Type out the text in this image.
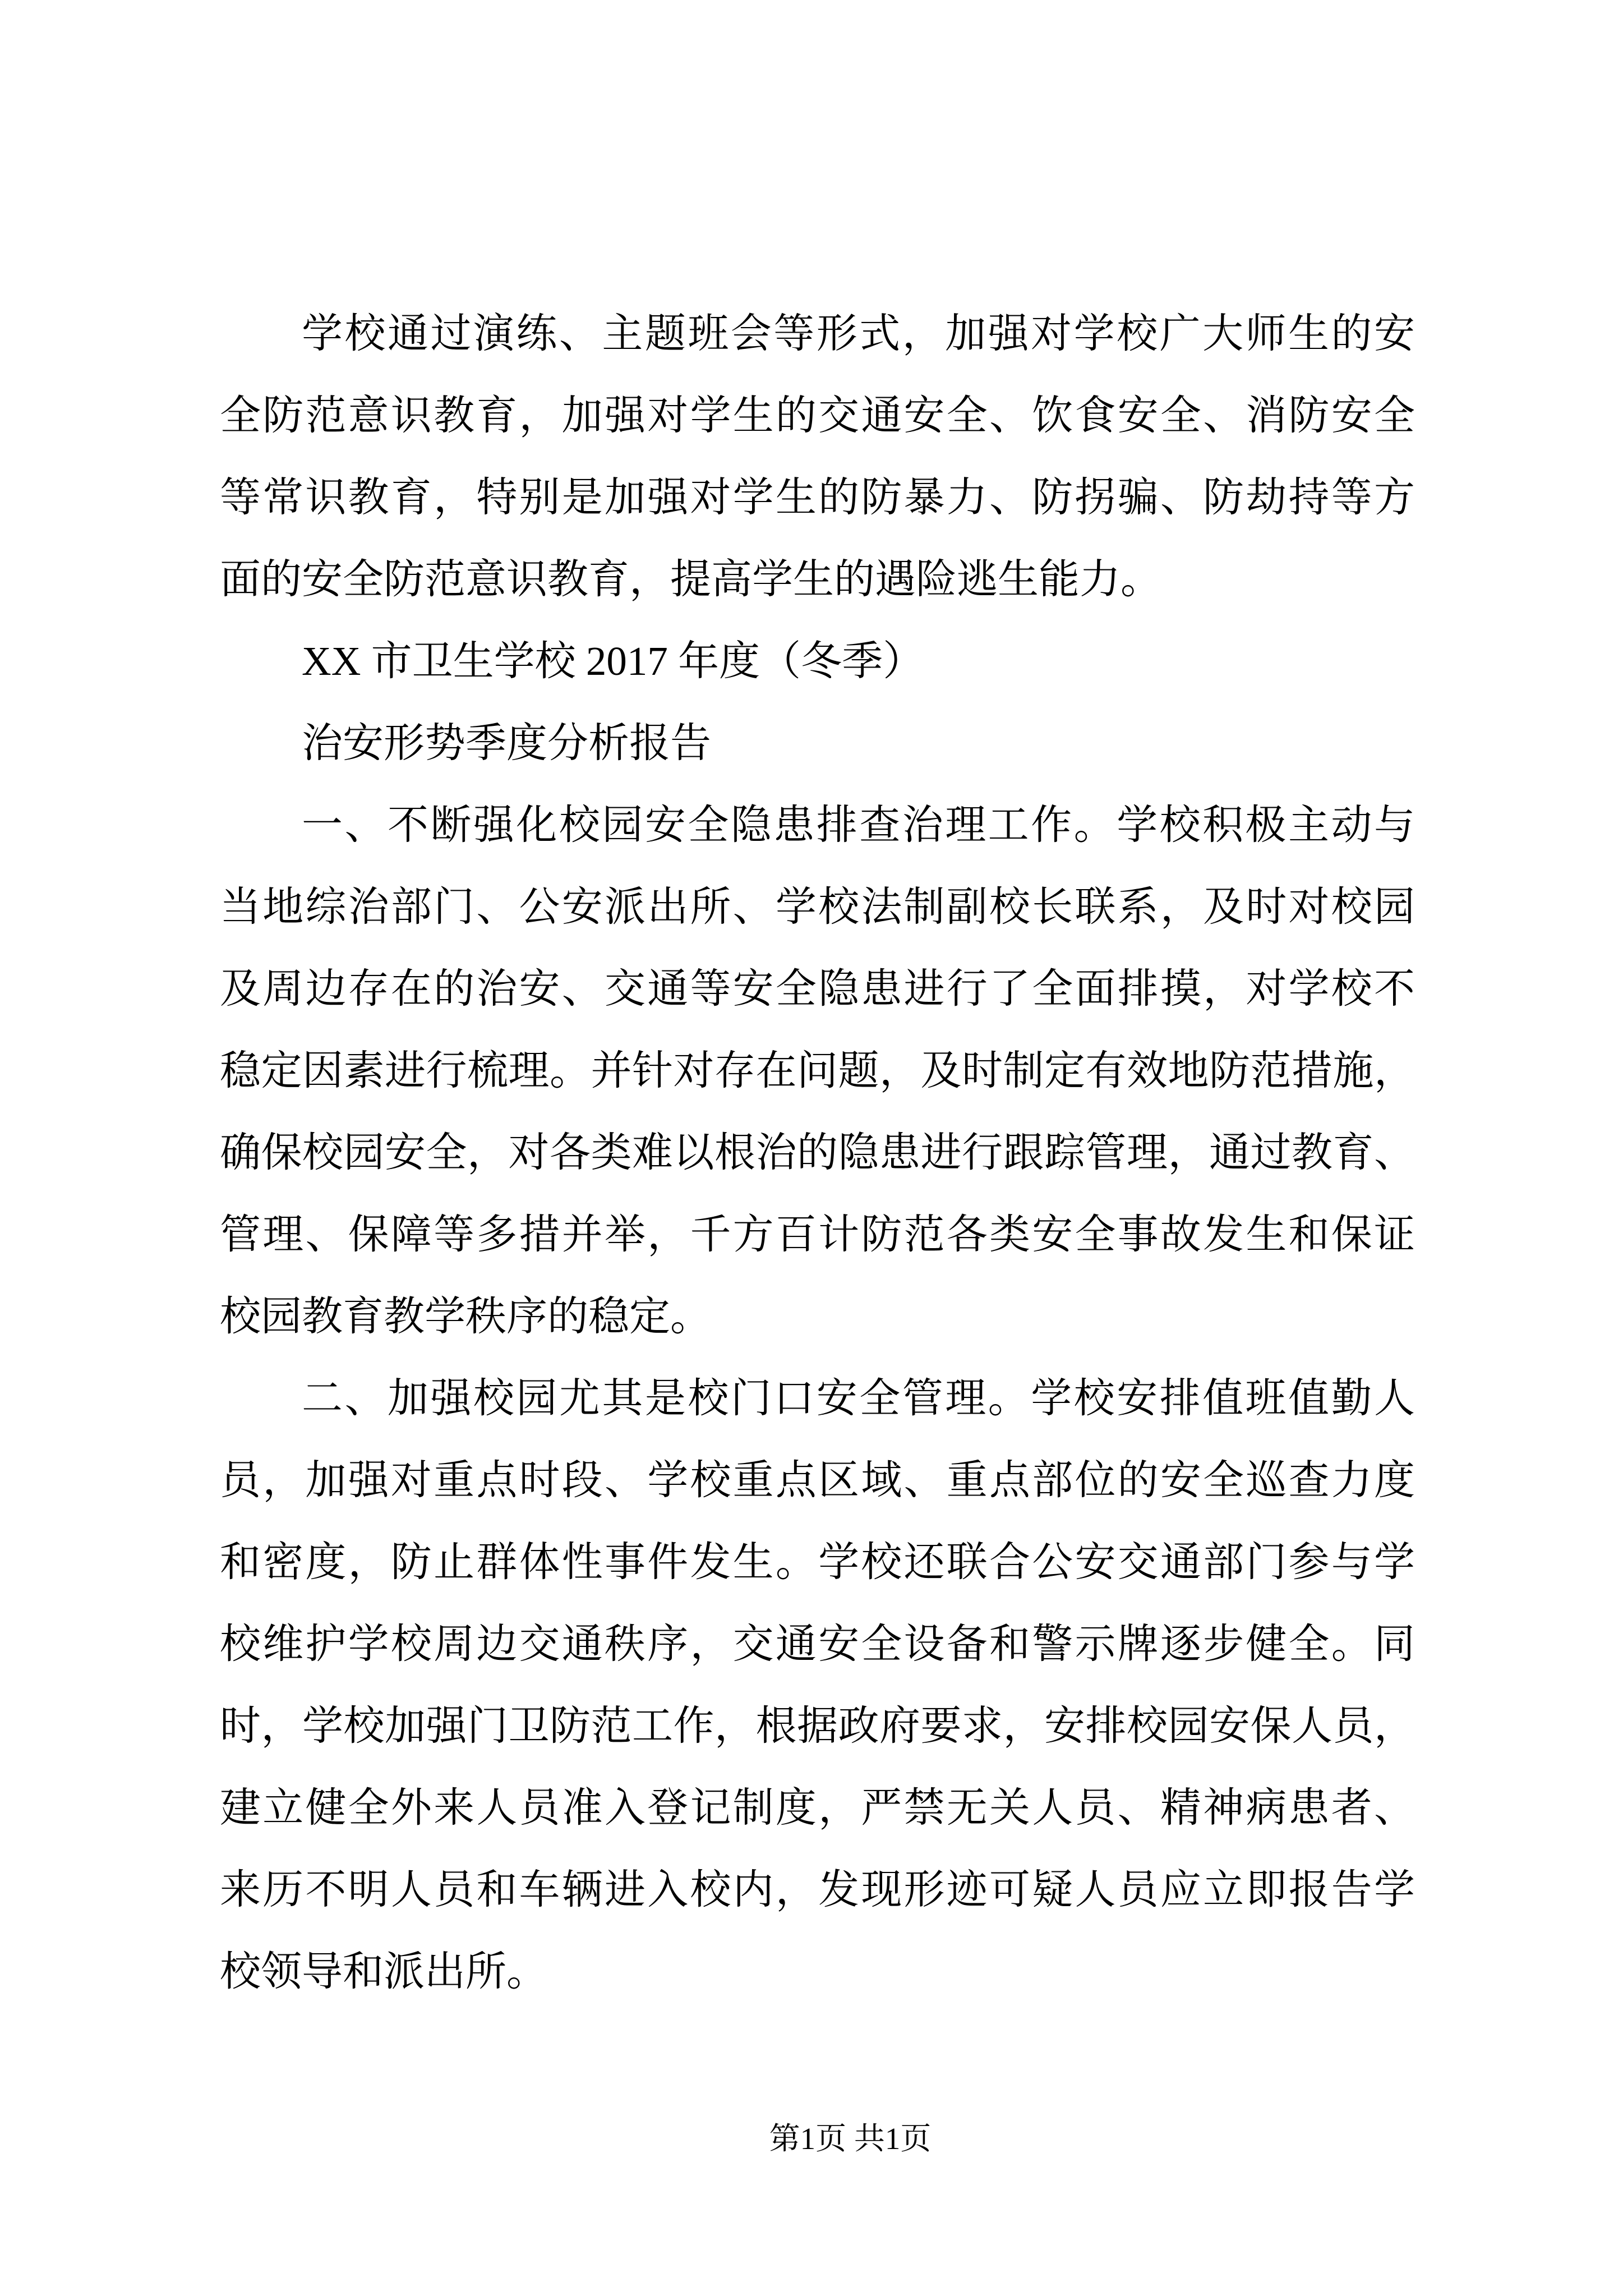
学校通过演练、主题班会等形式，加强对学校广大师生的安
全防范意识教育，加强对学生的交通安全、饮食安全、消防安全
等常识教育，特别是加强对学生的防暴力、防拐骗、防劫持等方
面的安全防范意识教育，提高学生的遇险逃生能力。
XX 市卫生学校 2017 年度（冬季）
治安形势季度分析报告
一、不断强化校园安全隐患排查治理工作。学校积极主动与
当地综治部门、公安派出所、学校法制副校长联系，及时对校园
及周边存在的治安、交通等安全隐患进行了全面排摸，对学校不
稳定因素进行梳理。并针对存在问题，及时制定有效地防范措施，
确保校园安全，对各类难以根治的隐患进行跟踪管理，通过教育、
管理、保障等多措并举，千方百计防范各类安全事故发生和保证
校园教育教学秩序的稳定。
二、加强校园尤其是校门口安全管理。学校安排值班值勤人
员，加强对重点时段、学校重点区域、重点部位的安全巡查力度
和密度，防止群体性事件发生。学校还联合公安交通部门参与学
校维护学校周边交通秩序，交通安全设备和警示牌逐步健全。同
时，学校加强门卫防范工作，根据政府要求，安排校园安保人员，
建立健全外来人员准入登记制度，严禁无关人员、精神病患者、
来历不明人员和车辆进入校内，发现形迹可疑人员应立即报告学
校领导和派出所。
第1页 共1页
